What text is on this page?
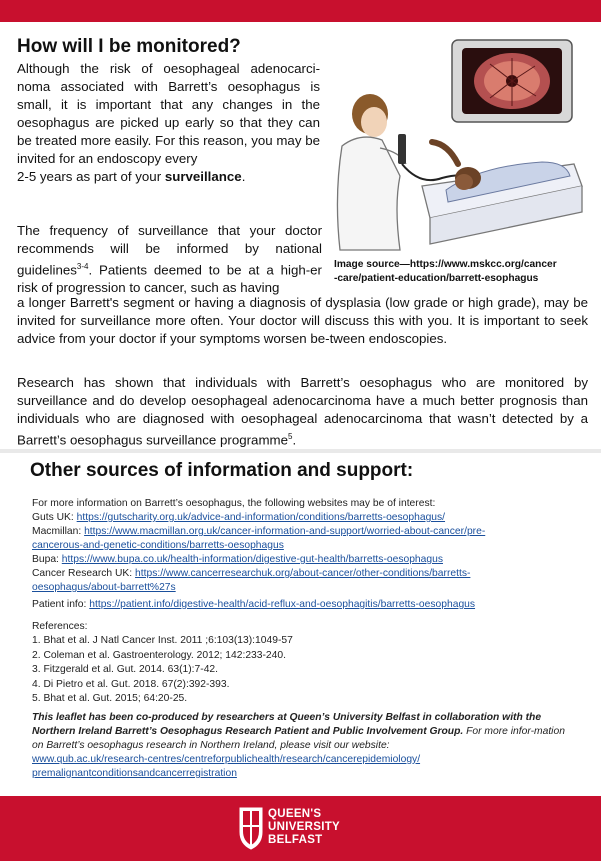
How will I be monitored?

Although the risk of oesophageal adenocarci- noma associated with Barrett’s oesophagus is small, it is important that any changes in the oesophagus are picked up early so that they can be treated more easily. For this reason, you may be invited for an endoscopy every
2-5 years as part of your surveillance.

The frequency of surveillance that your doctor recommends will be informed by national guidelines$^{3-4}$. Patients deemed to be at a high-er risk of progression to cancer, such as having

a longer Barrett's segment or having a diagnosis of dysplasia (low grade or high grade), may be invited for surveillance more often. Your doctor will discuss this with you. It is important to seek advice from your doctor if your symptoms worsen be-tween endoscopies.

Research has shown that individuals with Barrett’s oesophagus who are monitored by surveillance and do develop oesophageal adenocarcinoma have a much better prognosis than individuals who are diagnosed with oesophageal adenocarcinoma that wasn’t detected by a Barrett’s oesophagus surveillance programme$^5$.

Image source—https://www.mskcc.org/cancer
-care/patient-education/barrett-esophagus
Other sources of information and support:

For more information on Barrett’s oesophagus, the following websites may be of interest:

Guts UK: https://gutscharity.org.uk/advice-and-information/conditions/barretts-oesophagus/
Macmillan: https://www.macmillan.org.uk/cancer-information-and-support/worried-about-cancer/pre-
cancerous-and-genetic-conditions/barretts-oesophagus
Bupa: https://www.bupa.co.uk/health-information/digestive-gut-health/barretts-oesophagus
Cancer Research UK: https://www.cancerresearchuk.org/about-cancer/other-conditions/barretts-
oesophagus/about-barrett%27s
Patient info: https://patient.info/digestive-health/acid-reflux-and-oesophagitis/barretts-oesophagus
References:
1. Bhat et al. J Natl Cancer Inst. 2011 ;6:103(13):1049-57
2. Coleman et al. Gastroenterology. 2012; 142:233-240.
3. Fitzgerald et al. Gut. 2014. 63(1):7-42.
4. Di Pietro et al. Gut. 2018. 67(2):392-393.
5. Bhat et al. Gut. 2015; 64:20-25.
This leaflet has been co-produced by researchers at Queen’s University Belfast in collaboration with the Northern Ireland Barrett’s Oesophagus Research Patient and Public Involvement Group. For more infor-mation on Barrett’s oesophagus research in Northern Ireland, please visit our website:
www.qub.ac.uk/research-centres/centreforpublichealth/research/cancerepidemiology/
premalignantconditionsandcancerregistration
QUEEN'S
UNIVERSITY
BELFAST
